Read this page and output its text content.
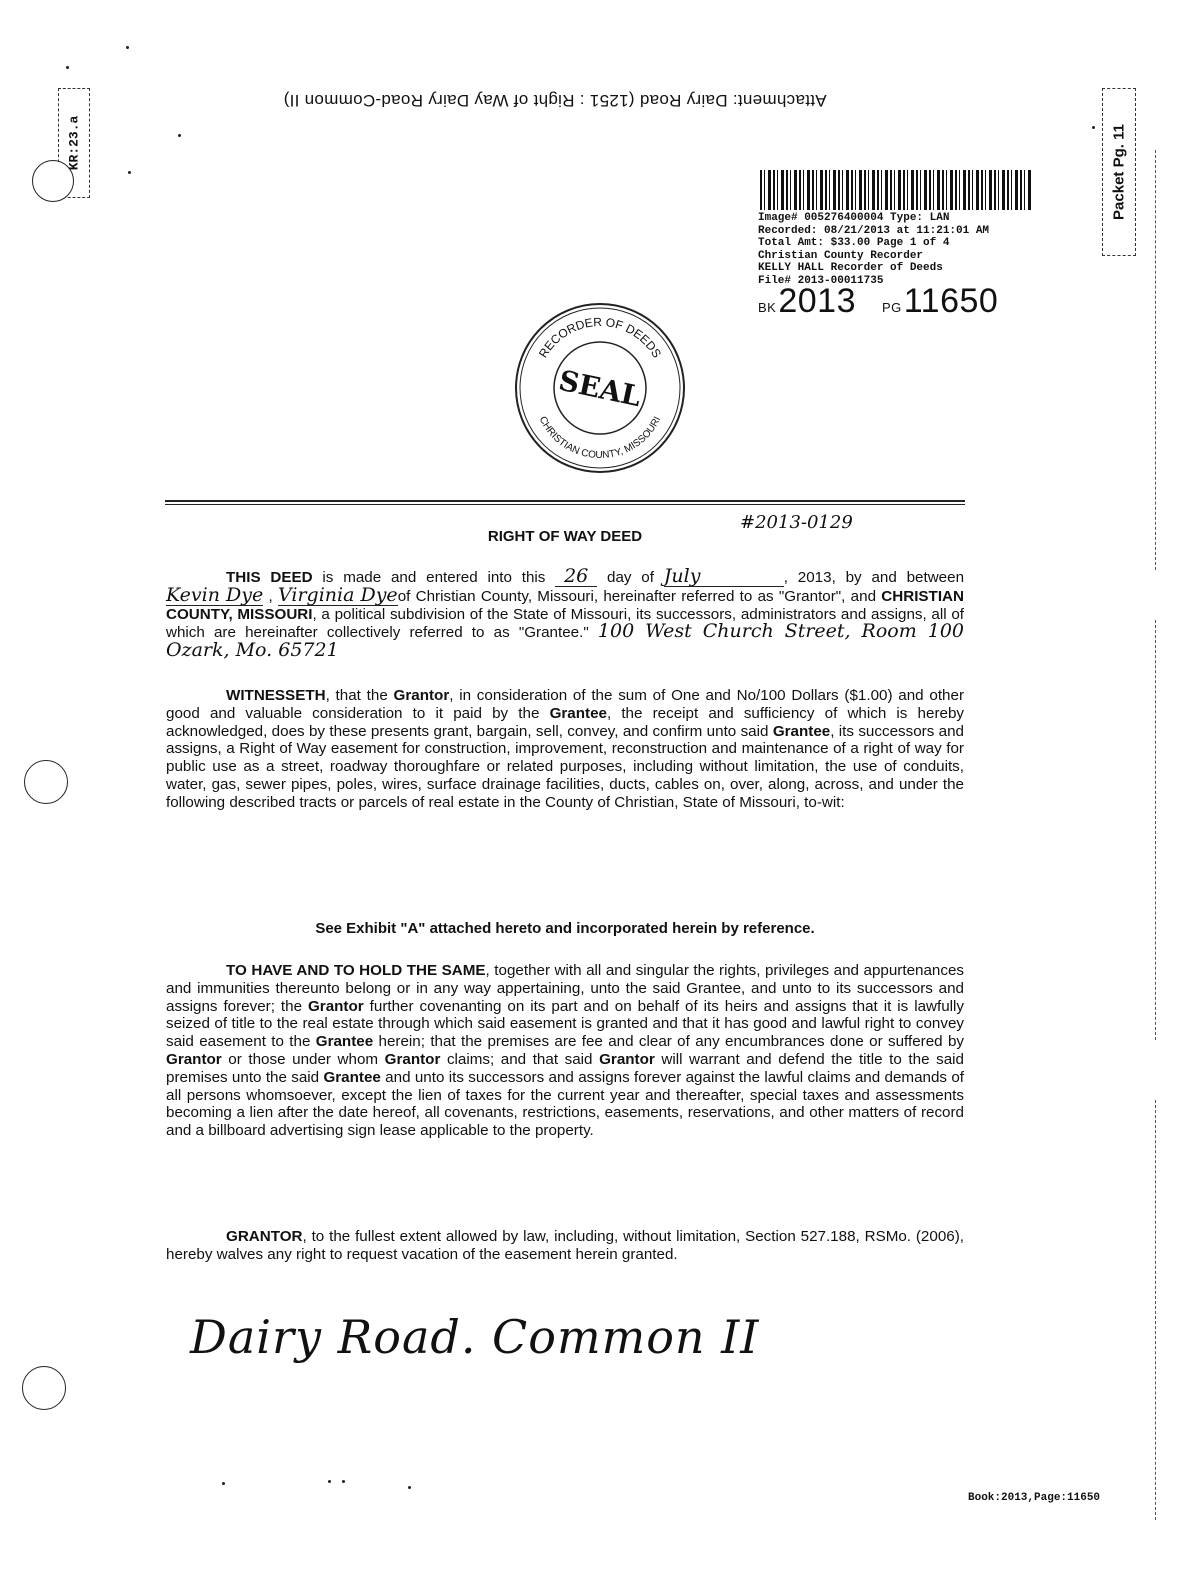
Attachment: Dairy Road (1251 : Right of Way Dairy Road-Common II)
KR:23.a	Packet Pg. 11
Image# 005276400004 Type: LAN
Recorded: 08/21/2013 at 11:21:01 AM
Total Amt: $33.00 Page 1 of 4
Christian County Recorder
KELLY HALL Recorder of Deeds
File# 2013-00011735
BK2013 PG11650
RECORDER OF DEEDS
CHRISTIAN COUNTY, MISSOURI
SEAL
#2013-0129
RIGHT OF WAY DEED
THIS DEED is made and entered into this 26 day of July	, 2013, by and between Kevin Dye , Virginia Dyeof Christian County, Missouri, hereinafter referred to as "Grantor", and CHRISTIAN COUNTY, MISSOURI, a political subdivision of the State of Missouri, its successors, administrators and assigns, all of which are hereinafter collectively referred to as "Grantee." 100 West Church Street, Room 100 Ozark, Mo. 65721
WITNESSETH, that the Grantor, in consideration of the sum of One and No/100 Dollars ($1.00) and other good and valuable consideration to it paid by the Grantee, the receipt and sufficiency of which is hereby acknowledged, does by these presents grant, bargain, sell, convey, and confirm unto said Grantee, its successors and assigns, a Right of Way easement for construction, improvement, reconstruction and maintenance of a right of way for public use as a street, roadway thoroughfare or related purposes, including without limitation, the use of conduits, water, gas, sewer pipes, poles, wires, surface drainage facilities, ducts, cables on, over, along, across, and under the following described tracts or parcels of real estate in the County of Christian, State of Missouri, to-wit:
See Exhibit "A" attached hereto and incorporated herein by reference.
TO HAVE AND TO HOLD THE SAME, together with all and singular the rights, privileges and appurtenances and immunities thereunto belong or in any way appertaining, unto the said Grantee, and unto to its successors and assigns forever; the Grantor further covenanting on its part and on behalf of its heirs and assigns that it is lawfully seized of title to the real estate through which said easement is granted and that it has good and lawful right to convey said easement to the Grantee herein; that the premises are fee and clear of any encumbrances done or suffered by Grantor or those under whom Grantor claims; and that said Grantor will warrant and defend the title to the said premises unto the said Grantee and unto its successors and assigns forever against the lawful claims and demands of all persons whomsoever, except the lien of taxes for the current year and thereafter, special taxes and assessments becoming a lien after the date hereof, all covenants, restrictions, easements, reservations, and other matters of record and a billboard advertising sign lease applicable to the property.
GRANTOR, to the fullest extent allowed by law, including, without limitation, Section 527.188, RSMo. (2006), hereby walves any right to request vacation of the easement herein granted.
Dairy Road. Common II
Book:2013,Page:11650
